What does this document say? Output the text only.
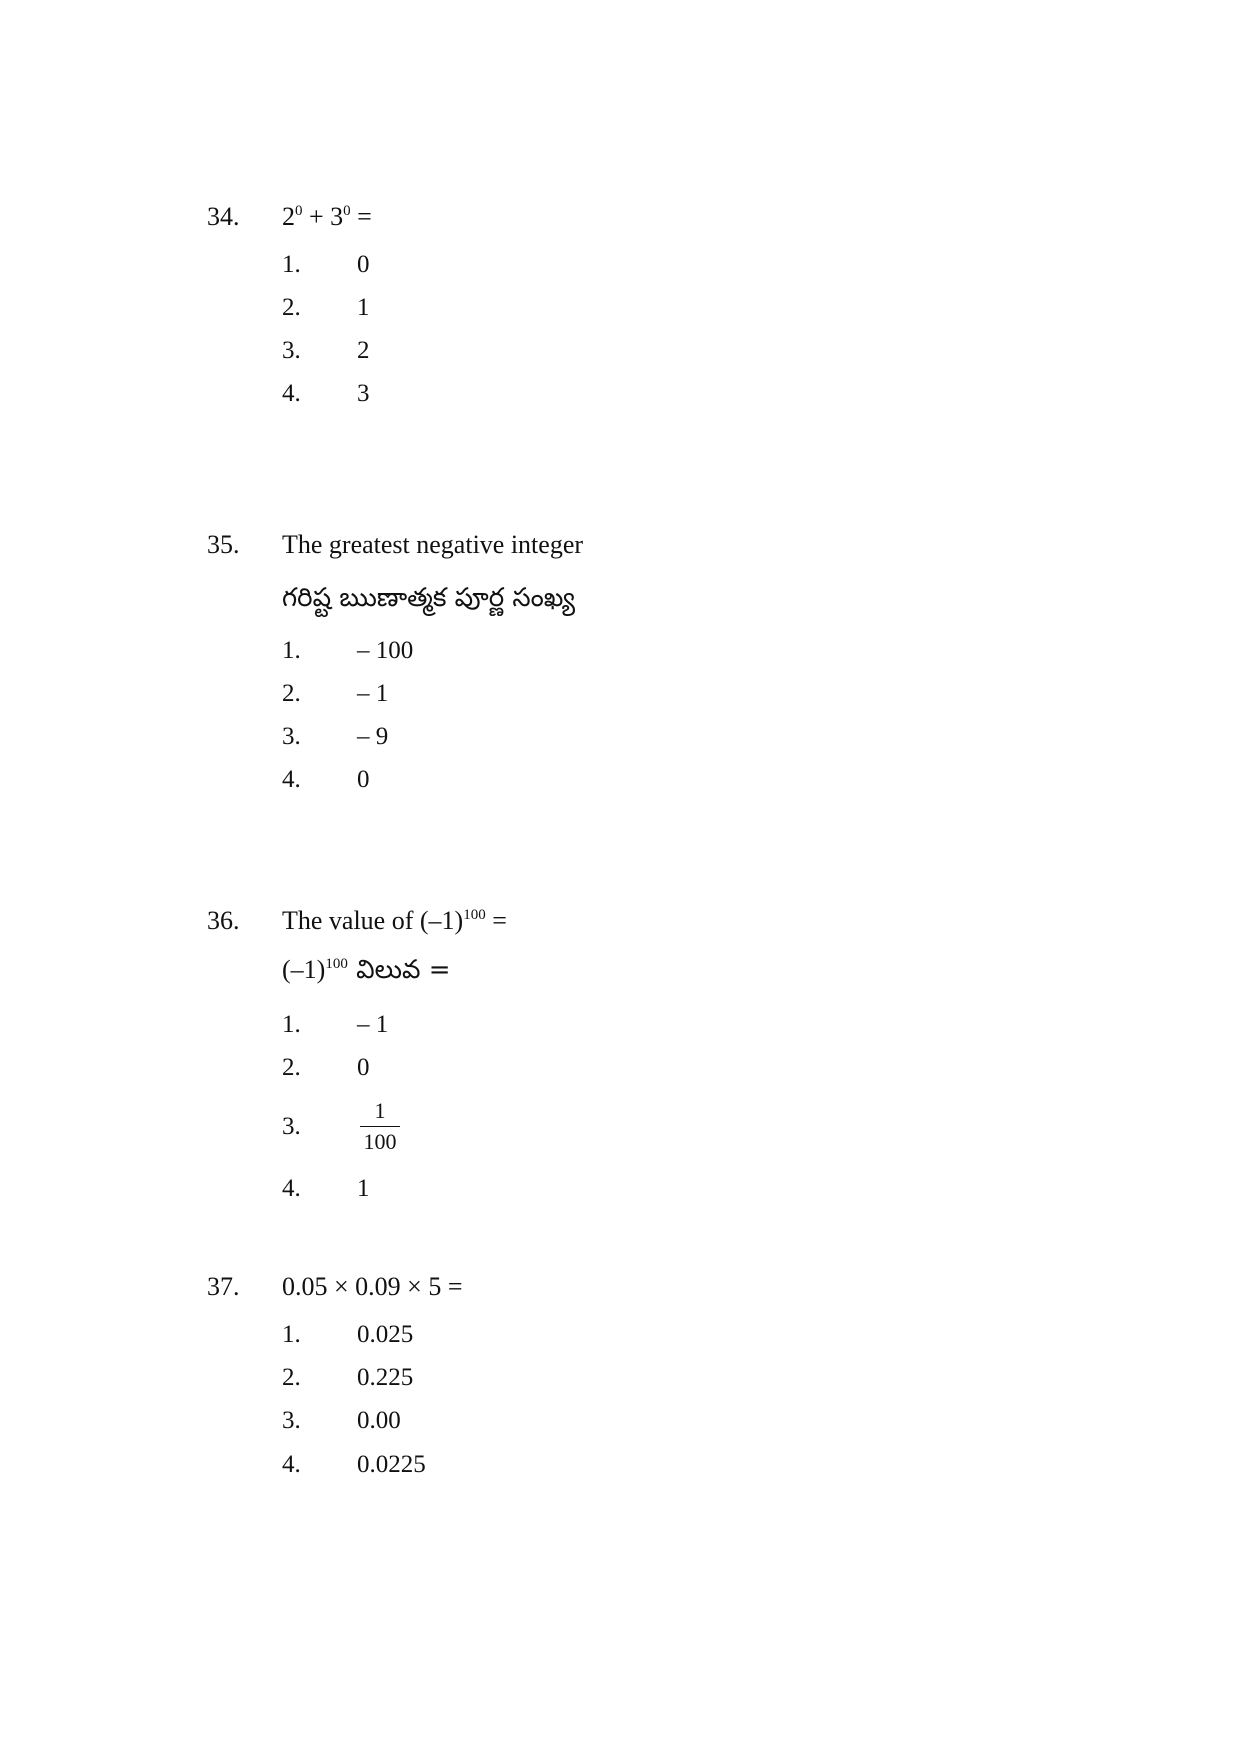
34. $2^0 + 3^0$ =
1. 0
2. 1
3. 2
4. 3
35. The greatest negative integer
గరిష్ట ఋణాత్మక పూర్ణ సంఖ్య
1. – 100
2. – 1
3. – 9
4. 0
36. The value of $(-1)^{100}$ =
$(-1)^{100}$ విలువ =
1. – 1
2. 0
3.	$\frac{1}{100}$
4. 1
37. 0.05 × 0.09 × 5 =
1. 0.025
2. 0.225
3. 0.00
4. 0.0225
